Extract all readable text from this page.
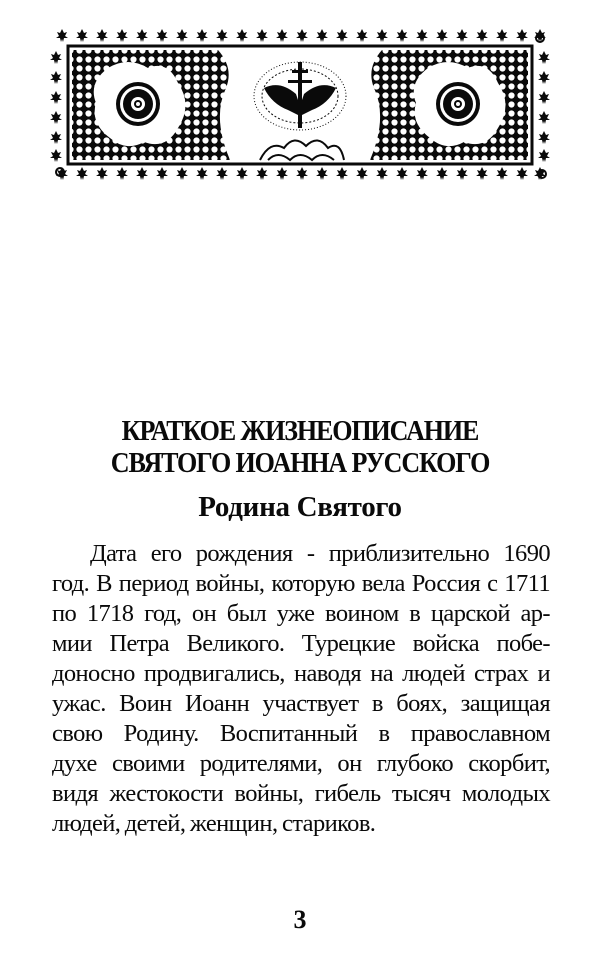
КРАТКОЕ ЖИЗНЕОПИСАНИЕ
СВЯТОГО ИОАННА РУССКОГО
Родина Святого
Дата его рождения - приблизительно 1690
год. В период войны, которую вела Россия с 1711
по 1718 год, он был уже воином в царской ар-
мии Петра Великого. Турецкие войска побе-
доносно продвигались, наводя на людей страх и
ужас. Воин Иоанн участвует в боях, защищая
свою Родину. Воспитанный в православном
духе своими родителями, он глубоко скорбит,
видя жестокости войны, гибель тысяч молодых
людей, детей, женщин, стариков.
3
